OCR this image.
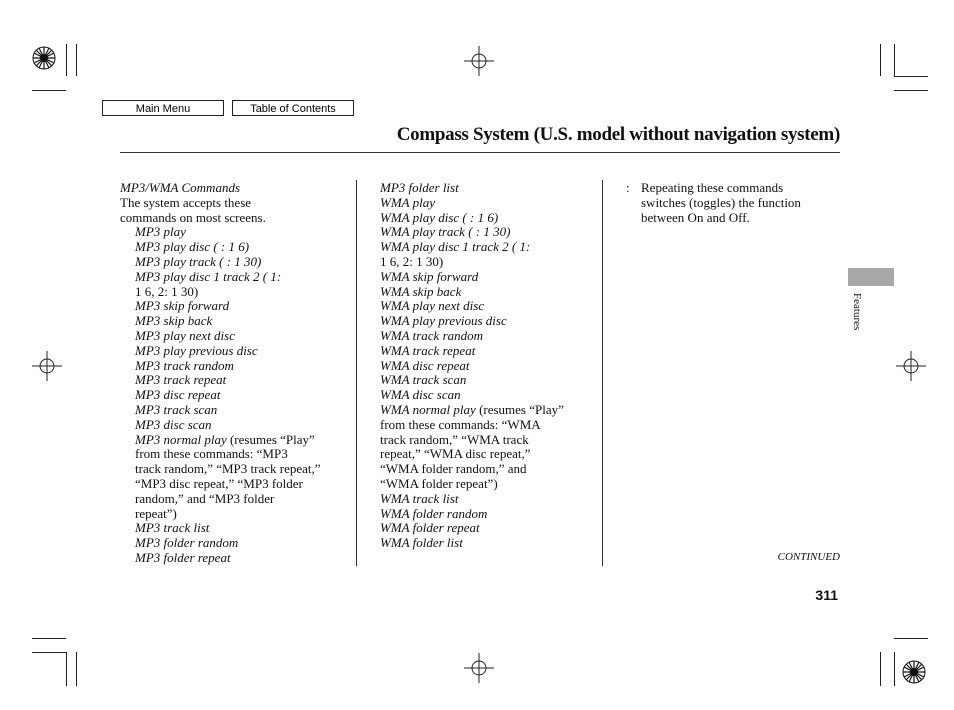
Main Menu	Table of Contents
Compass System (U.S. model without navigation system)
MP3/WMA Commands
The system accepts these
commands on most screens.
MP3 play
MP3 play disc ( : 1 6)
MP3 play track ( : 1 30)
MP3 play disc 1 track 2 ( 1:
1 6, 2: 1 30)
MP3 skip forward
MP3 skip back
MP3 play next disc
MP3 play previous disc
MP3 track random
MP3 track repeat
MP3 disc repeat
MP3 track scan
MP3 disc scan
MP3 normal play (resumes “Play”
from these commands: “MP3
track random,” “MP3 track repeat,”
“MP3 disc repeat,” “MP3 folder
random,” and “MP3 folder
repeat”)
MP3 track list
MP3 folder random
MP3 folder repeat
MP3 folder list
WMA play
WMA play disc ( : 1 6)
WMA play track ( : 1 30)
WMA play disc 1 track 2 ( 1:
1 6, 2: 1 30)
WMA skip forward
WMA skip back
WMA play next disc
WMA play previous disc
WMA track random
WMA track repeat
WMA disc repeat
WMA track scan
WMA disc scan
WMA normal play (resumes “Play”
from these commands: “WMA
track random,” “WMA track
repeat,” “WMA disc repeat,”
“WMA folder random,” and
“WMA folder repeat”)
WMA track list
WMA folder random
WMA folder repeat
WMA folder list
: Repeating these commands
switches (toggles) the function
between On and Off.
Features
CONTINUED
311
